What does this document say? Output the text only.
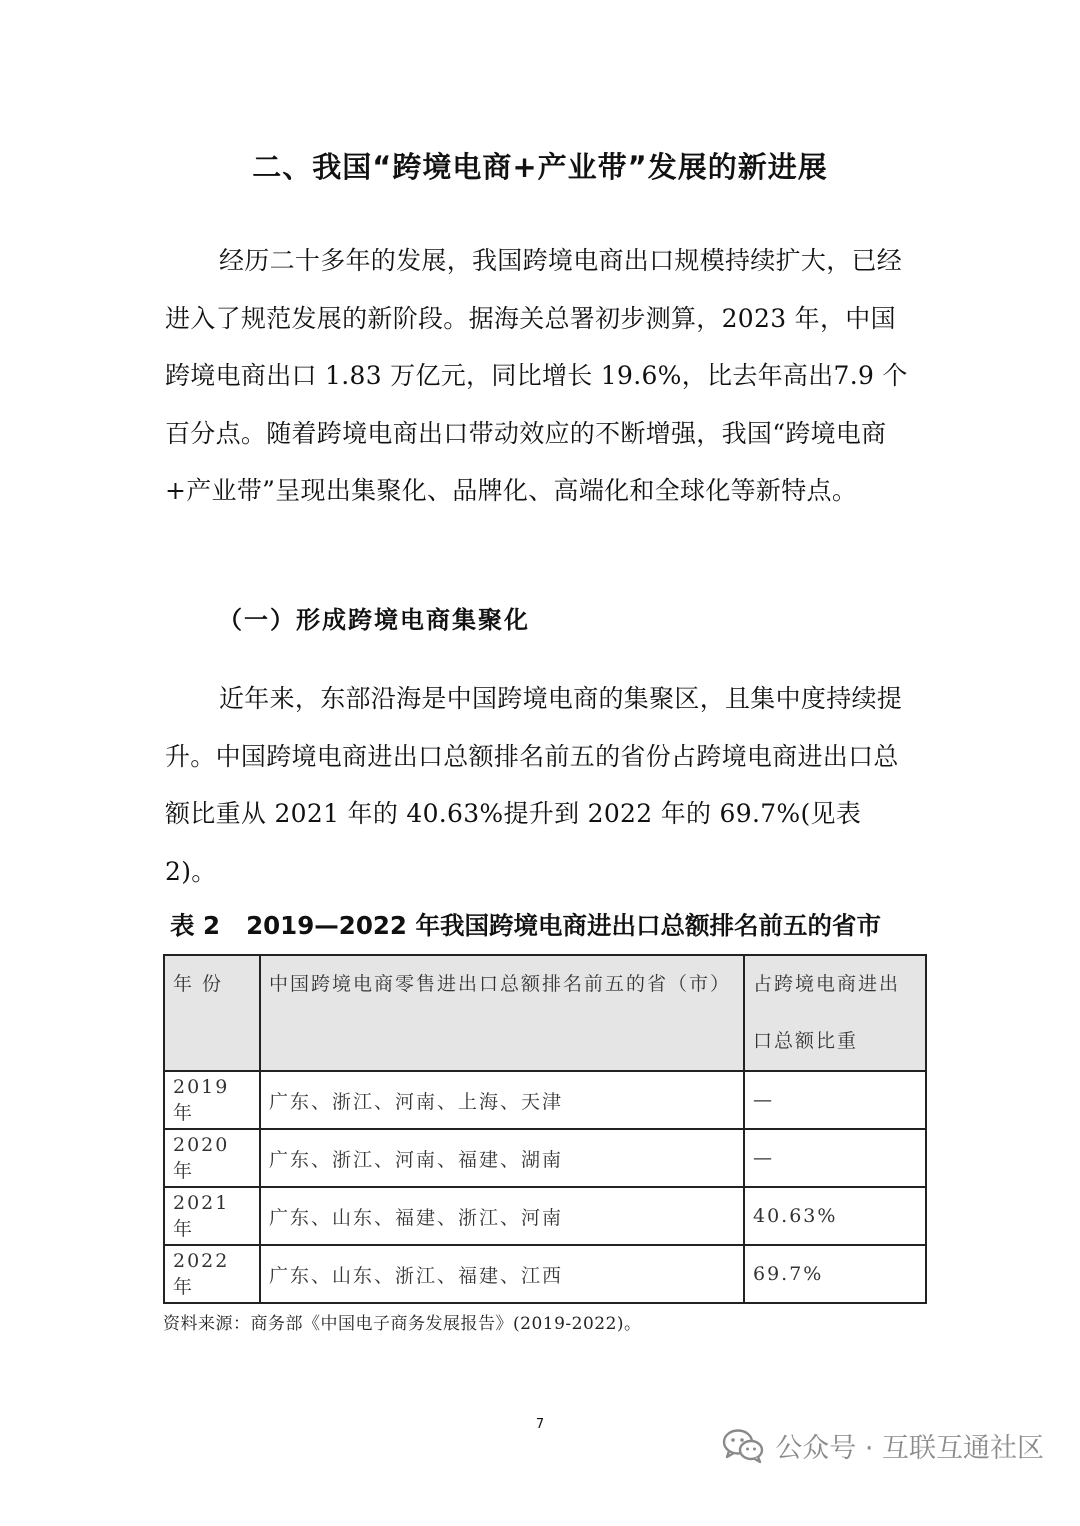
二、我国“跨境电商+产业带”发展的新进展

经历二十多年的发展，我国跨境电商出口规模持续扩大，已经进入了规范发展的新阶段。据海关总署初步测算，2023 年，中国跨境电商出口 1.83 万亿元，同比增长 19.6%，比去年高出7.9 个百分点。随着跨境电商出口带动效应的不断增强，我国“跨境电商+产业带”呈现出集聚化、品牌化、高端化和全球化等新特点。

（一）形成跨境电商集聚化

近年来，东部沿海是中国跨境电商的集聚区，且集中度持续提升。中国跨境电商进出口总额排名前五的省份占跨境电商进出口总额比重从 2021 年的 40.63%提升到 2022 年的 69.7%(见表 2)。

表 2 2019—2022 年我国跨境电商进出口总额排名前五的省市
年 份	中国跨境电商零售进出口总额排名前五的省（市）	占跨境电商进出口总额比重
2019 年	广东、浙江、河南、上海、天津	—
2020 年	广东、浙江、河南、福建、湖南	—
2021 年	广东、山东、福建、浙江、河南	40.63%
2022 年	广东、山东、浙江、福建、江西	69.7%
资料来源：商务部《中国电子商务发展报告》(2019-2022)。
7
公众号 · 互联互通社区
